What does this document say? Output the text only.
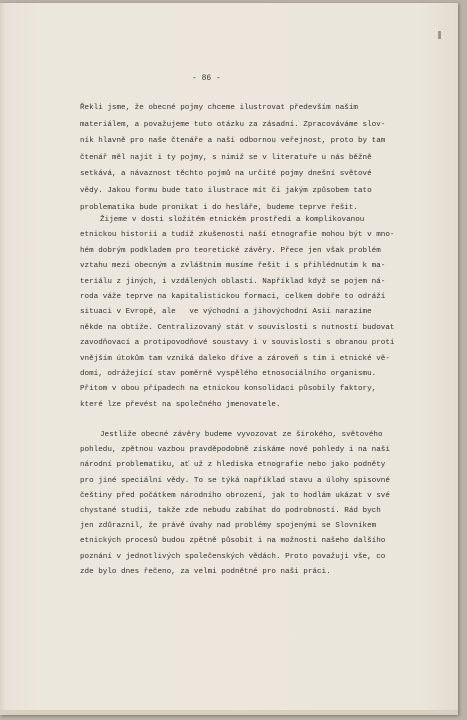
- 86 -
Řekli jsme, že obecné pojmy chceme ilustrovat především našim
materiálem, a považujeme tuto otázku za zásadní. Zpracováváme slov-
ník hlavně pro naše čtenáře a naši odbornou veřejnost, proto by tam
čtenář měl najít i ty pojmy, s nimiž se v literatuře u nás běžně
setkává, a návaznost těchto pojmů na určité pojmy dnešní světové
vědy. Jakou formu bude tato ilustrace mít či jakým způsobem tato
problematika bude pronikat i do hesláře, budeme teprve řešit.
Žijeme v dosti složitém etnickém prostředí a komplikovanou
etnickou historií a tudíž zkušenosti naší etnografie mohou být v mno-
hém dobrým podkladem pro teoretické závěry. Přece jen však problém
vztahu mezi obecným a zvláštním musíme řešit i s přihlédnutím k ma-
teriálu z jiných, i vzdálených oblastí. Například když se pojem ná-
roda váže teprve na kapitalistickou formaci, celkem dobře to odráží
situaci v Evropě, ale   ve východní a jihovýchodní Asii narazíme
někde na obtíže. Centralizovaný stát v souvislosti s nutností budovat
zavodňovací a protipovodňové soustavy i v souvislosti s obranou proti
vnějším útokům tam vzniká daleko dříve a zároveň s tím i etnické vě-
domí, odrážející stav poměrně vyspělého etnosociálního organismu.
Přitom v obou případech na etnickou konsolidaci působily faktory,
které lze převést na společného jmenovatele.
Jestliže obecné závěry budeme vyvozovat ze širokého, světového
pohledu, zpětnou vazbou pravděpodobně získáme nové pohledy i na naši
národní problematiku, ať už z hlediska etnografie nebo jako podněty
pro jiné speciální vědy. To se týká například stavu a úlohy spisovné
češtiny před počátkem národního obrození, jak to hodlám ukázat v své
chystané studii, takže zde nebudu zabíhat do podrobností. Rád bych
jen zdůraznil, že právě úvahy nad problémy spojenými se Slovníkem
etnických procesů budou zpětně působit i na možnosti našeho dalšího
poznání v jednotlivých společenských vědách. Proto považuji vše, co
zde bylo dnes řečeno, za velmi podnětné pro naši práci.
